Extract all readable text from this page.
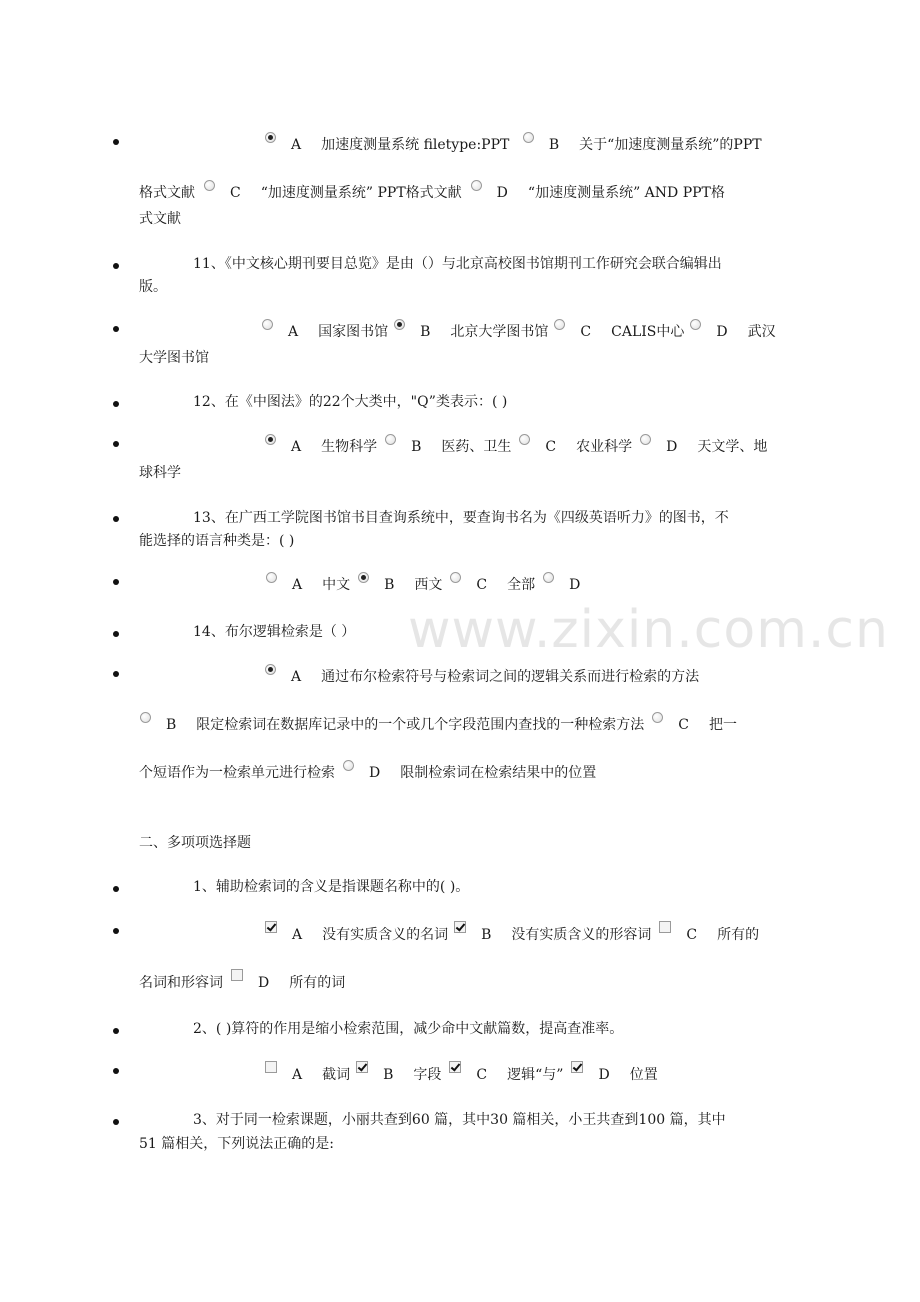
www.zixin.com.cn
A 加速度测量系统 filetype:PPT	B 关于“加速度测量系统”的PPT
格式文献	C “加速度测量系统” PPT格式文献	D “加速度测量系统” AND PPT格
式文献
11、《中文核心期刊要目总览》是由（）与北京高校图书馆期刊工作研究会联合编辑出
版。
A 国家图书馆 B 北京大学图书馆 C CALIS中心 D 武汉
大学图书馆
12、在《中图法》的22个大类中，"Q”类表示：( )
A 生物科学 B 医药、卫生 C 农业科学 D 天文学、地
球科学
13、在广西工学院图书馆书目查询系统中，要查询书名为《四级英语听力》的图书，不
能选择的语言种类是：( )
A 中文 B 西文 C 全部 D
14、布尔逻辑检索是（ ）
A 通过布尔检索符号与检索词之间的逻辑关系而进行检索的方法
B 限定检索词在数据库记录中的一个或几个字段范围内查找的一种检索方法 C 把一
个短语作为一检索单元进行检索 D 限制检索词在检索结果中的位置
二、多项项选择题
1、辅助检索词的含义是指课题名称中的( )。
A 没有实质含义的名词 B 没有实质含义的形容词	C 所有的
名词和形容词	D 所有的词
2、( )算符的作用是缩小检索范围，减少命中文献篇数，提高查准率。
A 截词 B 字段	C 逻辑“与”	D 位置
3、对于同一检索课题，小丽共查到60 篇，其中30 篇相关，小王共查到100 篇，其中
51 篇相关，下列说法正确的是:
